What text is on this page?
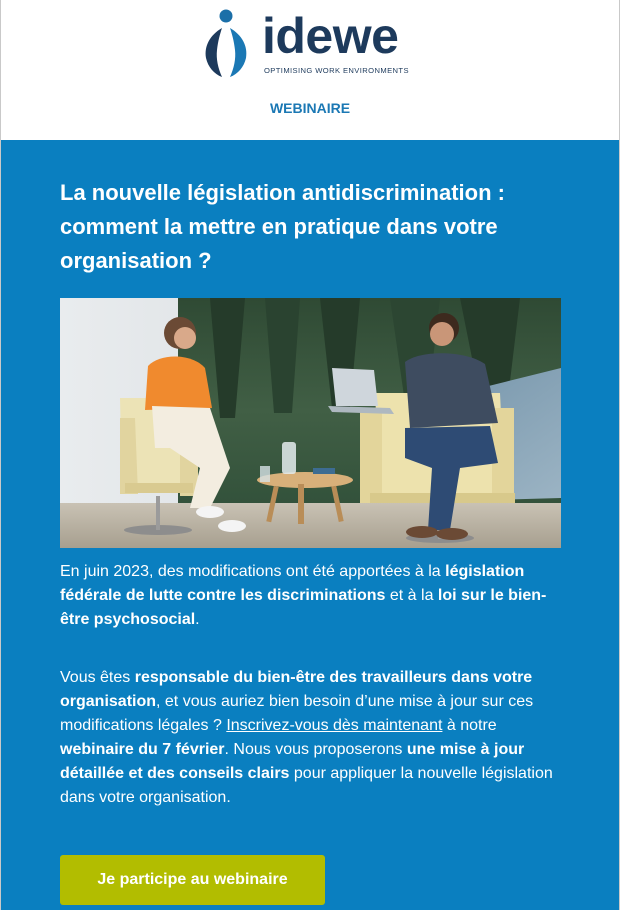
idewe
OPTIMISING WORK ENVIRONMENTS
WEBINAIRE
La nouvelle législation antidiscrimination : comment la mettre en pratique dans votre organisation ?

En juin 2023, des modifications ont été apportées à la législation fédérale de lutte contre les discriminations et à la loi sur le bien-être psychosocial.

Vous êtes responsable du bien-être des travailleurs dans votre organisation, et vous auriez bien besoin d’une mise à jour sur ces modifications légales ? Inscrivez-vous dès maintenant à notre webinaire du 7 février. Nous vous proposerons une mise à jour détaillée et des conseils clairs pour appliquer la nouvelle législation dans votre organisation.

Je participe au webinaire
